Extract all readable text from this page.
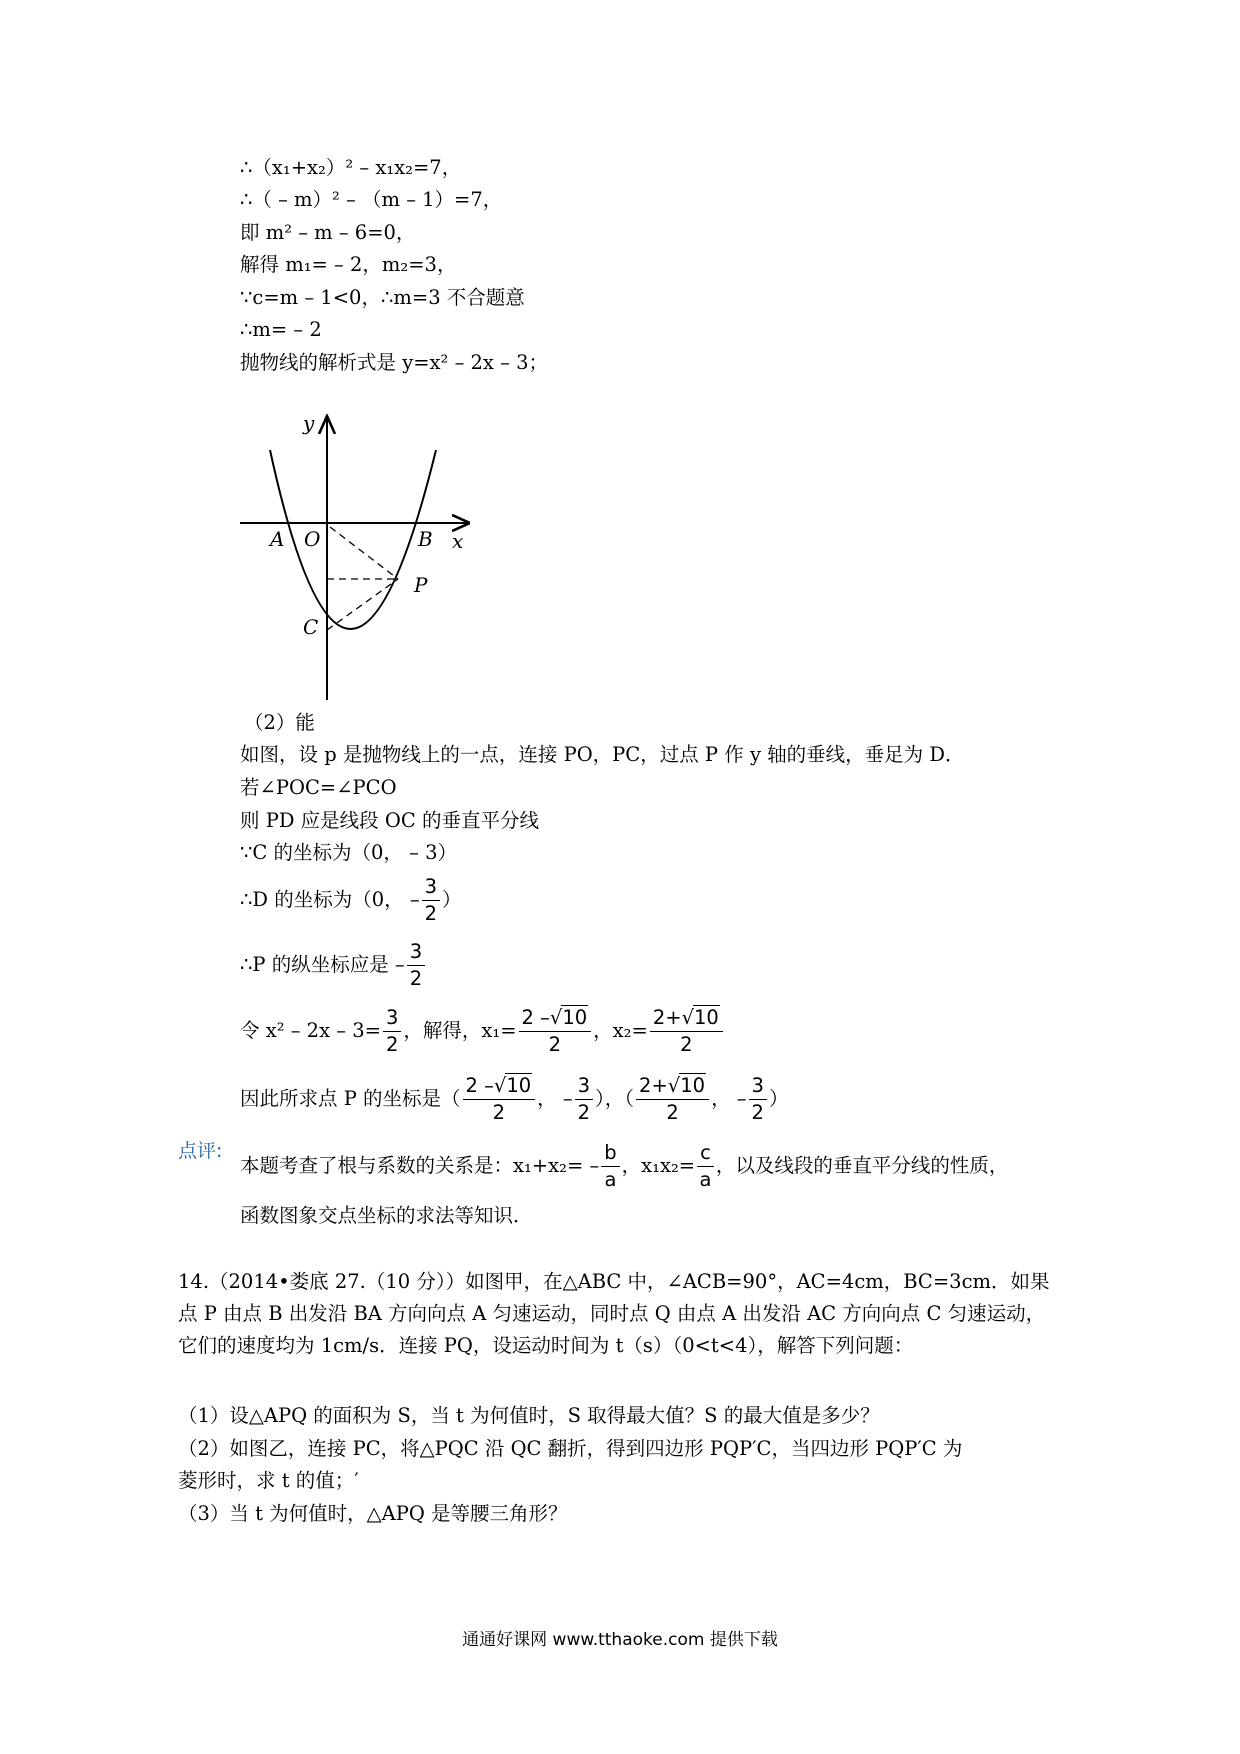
∴（x₁+x₂）² – x₁x₂=7，
∴（ – m）² – （m – 1）=7，
即 m² – m – 6=0，
解得 m₁= – 2，m₂=3，
∵c=m – 1<0，∴m=3 不合题意
∴m= – 2
抛物线的解析式是 y=x² – 2x – 3；
y
x
A O	B
C
P
（2）能
如图，设 p 是抛物线上的一点，连接 PO，PC，过点 P 作 y 轴的垂线，垂足为 D．
若∠POC=∠PCO
则 PD 应是线段 OC 的垂直平分线
∵C 的坐标为（0， – 3）
∴D 的坐标为（0， – $\frac{3}{2}$ ）
∴P 的纵坐标应是 – $\frac{3}{2}$
令 $x^2 - 2x - 3= \frac{3}{2}$ ，解得，$x_1= \frac{2 -√10}{2}$ ，$x_2= \frac{2+√10}{2}$
因此所求点 P 的坐标是（ $\frac{2 -√10}{2}$ ， – $\frac{3}{2}$ ），（ $\frac{2+√10}{2}$ ， – $\frac{3}{2}$ ）
点评:
本题考查了根与系数的关系是：$x_1+x_2= - \frac{b}{a}$ ，$x_1x_2= \frac{c}{a}$ ，以及线段的垂直平分线的性质，
函数图象交点坐标的求法等知识．
14.（2014•娄底 27.（10 分））如图甲，在△ABC 中，∠ACB=90°，AC=4cm，BC=3cm．如果点 P 由点 B 出发沿 BA 方向向点 A 匀速运动，同时点 Q 由点 A 出发沿 AC 方向向点 C 匀速运动，它们的速度均为 1cm/s．连接 PQ，设运动时间为 t（s）（0<t<4），解答下列问题：
（1）设△APQ 的面积为 S，当 t 为何值时，S 取得最大值？S 的最大值是多少？
（2）如图乙，连接 PC，将△PQC 沿 QC 翻折，得到四边形 PQP′C，当四边形 PQP′C 为
菱形时，求 t 的值；′
（3）当 t 为何值时，△APQ 是等腰三角形？
通通好课网 www.tthaoke.com 提供下载
